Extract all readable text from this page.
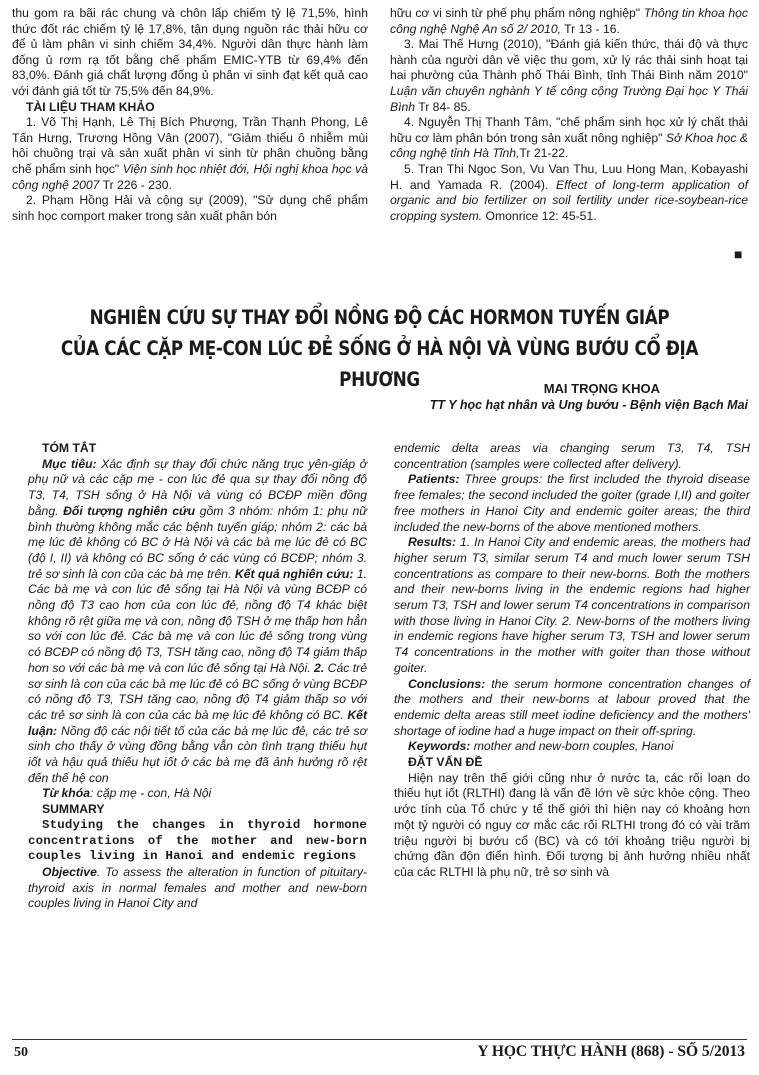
thu gom ra bãi rác chung và chôn lấp chiếm tỷ lệ 71,5%, hình thức đốt rác chiếm tỷ lệ 17,8%, tận dụng nguồn rác thải hữu cơ để ủ làm phân vi sinh chiếm 34,4%. Người dân thực hành làm đống ủ rơm rạ tốt bằng chế phẩm EMIC-YTB từ 69,4% đến 83,0%. Đánh giá chất lượng đống ủ phân vi sinh đạt kết quả cao với đánh giá tốt từ 75,5% đến 84,9%.

TÀI LIỆU THAM KHẢO

1. Võ Thị Hạnh, Lê Thị Bích Phượng, Trần Thạnh Phong, Lê Tấn Hưng, Trương Hồng Vân (2007), "Giảm thiểu ô nhiễm mùi hôi chuồng trại và sản xuất phân vi sinh từ phân chuồng bằng chế phẩm sinh học" Viện sinh học nhiệt đới, Hội nghị khoa học và công nghệ 2007 Tr 226 - 230.

2. Phạm Hồng Hải và cộng sự (2009), "Sử dụng chế phẩm sinh học comport maker trong sản xuất phân bón

hữu cơ vi sinh từ phế phụ phẩm nông nghiệp" Thông tin khoa học công nghệ Nghệ An số 2/ 2010, Tr 13 - 16.

3. Mai Thế Hưng (2010), "Đánh giá kiến thức, thái độ và thực hành của người dân về việc thu gom, xử lý rác thải sinh hoạt tại hai phường của Thành phố Thái Bình, tỉnh Thái Bình năm 2010" Luận văn chuyên nghành Y tế công cộng Trường Đại học Y Thái Bình Tr 84- 85.

4. Nguyễn Thị Thanh Tâm, "chế phẩm sinh học xử lý chất thải hữu cơ làm phân bón trong sản xuất nông nghiệp" Sở Khoa học & công nghệ tỉnh Hà Tĩnh,Tr 21-22.

5. Tran Thi Ngoc Son, Vu Van Thu, Luu Hong Man, Kobayashi H. and Yamada R. (2004). Effect of long-term application of organic and bio fertilizer on soil fertility under rice-soybean-rice cropping system. Omonrice 12: 45-51.

■
NGHIÊN CỨU SỰ THAY ĐỔI NỒNG ĐỘ CÁC HORMON TUYẾN GIÁP
CỦA CÁC CẶP MẸ-CON LÚC ĐẺ SỐNG Ở HÀ NỘI VÀ VÙNG BƯỚU CỔ ĐỊA PHƯƠNG	MAI TRỌNG KHOA
TT Y học hạt nhân và Ung bướu - Bệnh viện Bạch Mai

TÓM TẮT

Mục tiêu: Xác định sự thay đổi chức năng trục yên-giáp ở phụ nữ và các cặp mẹ - con lúc đẻ qua sự thay đổi nồng độ T3, T4, TSH sống ở Hà Nội và vùng có BCĐP miền đồng bằng. Đối tượng nghiên cứu gồm 3 nhóm: nhóm 1: phụ nữ bình thường không mắc các bệnh tuyến giáp; nhóm 2: các bà mẹ lúc đẻ không có BC ở Hà Nội và các bà mẹ lúc đẻ có BC (độ I, II) và không có BC sống ở các vùng có BCĐP; nhóm 3. trẻ sơ sinh là con của các bà mẹ trên. Kết quả nghiên cứu: 1. Các bà mẹ và con lúc đẻ sống tại Hà Nội và vùng BCĐP có nồng độ T3 cao hơn của con lúc đẻ, nồng độ T4 khác biệt không rõ rệt giữa mẹ và con, nồng độ TSH ở mẹ thấp hơn hẳn so với con lúc đẻ. Các bà mẹ và con lúc đẻ sống trong vùng có BCĐP có nồng độ T3, TSH tăng cao, nồng độ T4 giảm thấp hơn so với các bà mẹ và con lúc đẻ sống tại Hà Nội. 2. Các trẻ sơ sinh là con của các bà mẹ lúc đẻ có BC sống ở vùng BCĐP có nồng độ T3, TSH tăng cao, nồng độ T4 giảm thấp so với các trẻ sơ sinh là con của các bà mẹ lúc đẻ không có BC. Kết luận: Nồng độ các nội tiết tố của các bà mẹ lúc đẻ, các trẻ sơ sinh cho thấy ở vùng đồng bằng vẫn còn tình trạng thiếu hụt iốt và hậu quả thiếu hụt iốt ở các bà mẹ đã ảnh hưởng rõ rệt đến thế hệ con

Từ khóa: cặp mẹ - con, Hà Nội

SUMMARY

Studying the changes in thyroid hormone concentrations of the mother and new-born couples living in Hanoi and endemic regions

Objective. To assess the alteration in function of pituitary-thyroid axis in normal females and mother and new-born couples living in Hanoi City and

endemic delta areas via changing serum T3, T4, TSH concentration (samples were collected after delivery).

Patients: Three groups: the first included the thyroid disease free females; the second included the goiter (grade I,II) and goiter free mothers in Hanoi City and endemic goiter areas; the third included the new-borns of the above mentioned mothers.

Results: 1. In Hanoi City and endemic areas, the mothers had higher serum T3, similar serum T4 and much lower serum TSH concentrations as compare to their new-borns. Both the mothers and their new-borns living in the endemic regions had higher serum T3, TSH and lower serum T4 concentrations in comparison with those living in Hanoi City. 2. New-borns of the mothers living in endemic regions have higher serum T3, TSH and lower serum T4 concentrations in the mother with goiter than those without goiter.

Conclusions: the serum hormone concentration changes of the mothers and their new-borns at labour proved that the endemic delta areas still meet iodine deficiency and the mothers' shortage of iodine had a huge impact on their off-spring.

Keywords: mother and new-born couples, Hanoi

ĐẶT VẤN ĐỀ

Hiện nay trên thế giới cũng như ở nước ta, các rối loạn do thiếu hụt iốt (RLTHI) đang là vấn đề lớn về sức khỏe cộng. Theo ước tính của Tổ chức y tế thế giới thì hiện nay có khoảng hơn một tỷ người có nguy cơ mắc các rối RLTHI trong đó có vài trăm triệu người bị bướu cổ (BC) và có tới khoảng triệu người bị chứng đần độn điển hình. Đối tượng bị ảnh hưởng nhiều nhất của các RLTHI là phụ nữ, trẻ sơ sinh và

50	Y HỌC THỰC HÀNH (868) - SỐ 5/2013
